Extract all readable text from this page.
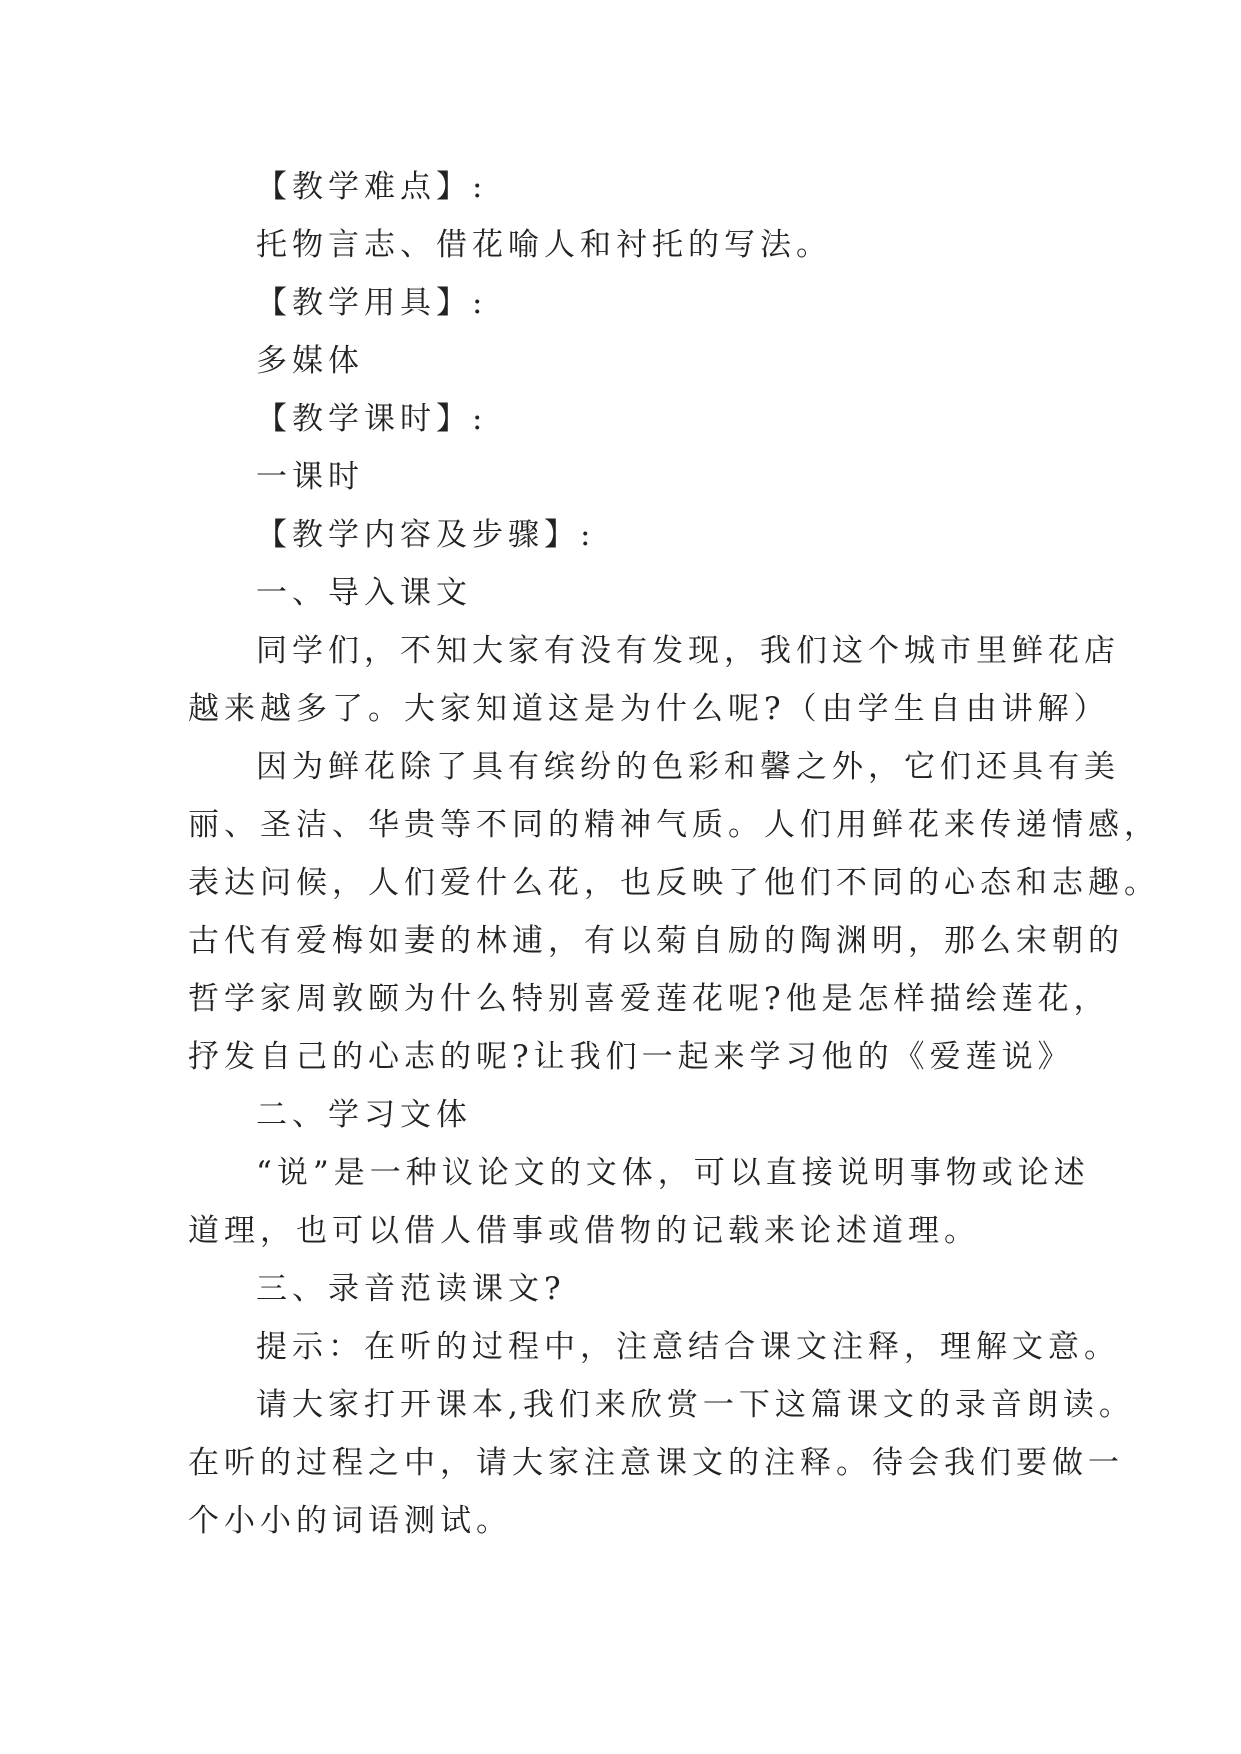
【教学难点】:
托物言志、借花喻人和衬托的写法。
【教学用具】:
多媒体
【教学课时】:
一课时
【教学内容及步骤】:
一、导入课文
同学们，不知大家有没有发现，我们这个城市里鲜花店
越来越多了。大家知道这是为什么呢?（由学生自由讲解）
因为鲜花除了具有缤纷的色彩和馨之外，它们还具有美
丽、圣洁、华贵等不同的精神气质。人们用鲜花来传递情感，
表达问候，人们爱什么花，也反映了他们不同的心态和志趣。
古代有爱梅如妻的林逋，有以菊自励的陶渊明，那么宋朝的
哲学家周敦颐为什么特别喜爱莲花呢?他是怎样描绘莲花，
抒发自己的心志的呢?让我们一起来学习他的《爱莲说》
二、学习文体
“说”是一种议论文的文体，可以直接说明事物或论述
道理，也可以借人借事或借物的记载来论述道理。
三、录音范读课文?
提示：在听的过程中，注意结合课文注释，理解文意。
请大家打开课本,我们来欣赏一下这篇课文的录音朗读。
在听的过程之中，请大家注意课文的注释。待会我们要做一
个小小的词语测试。
